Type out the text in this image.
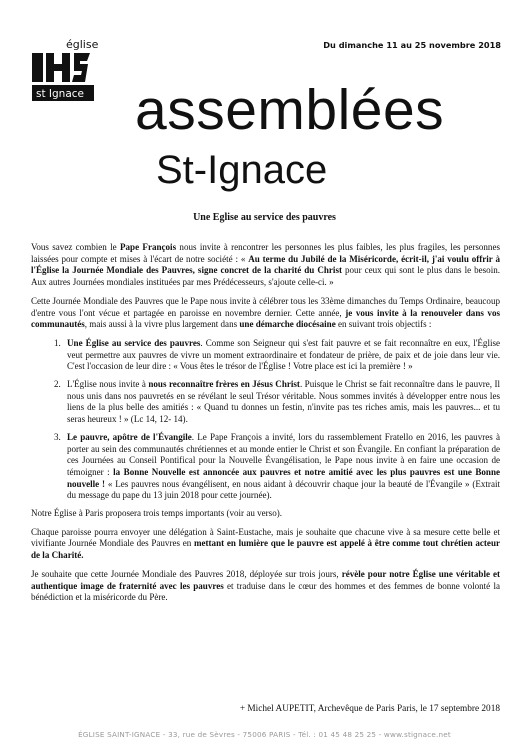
église
st Ignace
Du dimanche 11 au 25 novembre 2018
assemblées
St-Ignace
Une Eglise au service des pauvres

Vous savez combien le Pape François nous invite à rencontrer les personnes les plus faibles, les plus fragiles, les personnes laissées pour compte et mises à l'écart de notre société : « Au terme du Jubilé de la Miséricorde, écrit-il, j'ai voulu offrir à l'Église la Journée Mondiale des Pauvres, signe concret de la charité du Christ pour ceux qui sont le plus dans le besoin. Aux autres Journées mondiales instituées par mes Prédécesseurs, s'ajoute celle-ci. »

Cette Journée Mondiale des Pauvres que le Pape nous invite à célébrer tous les 33ème dimanches du Temps Ordinaire, beaucoup d'entre vous l'ont vécue et partagée en paroisse en novembre dernier. Cette année, je vous invite à la renouveler dans vos communautés, mais aussi à la vivre plus largement dans une démarche diocésaine en suivant trois objectifs :

1. Une Église au service des pauvres. Comme son Seigneur qui s'est fait pauvre et se fait reconnaître en eux, l'Église veut permettre aux pauvres de vivre un moment extraordinaire et fondateur de prière, de paix et de joie dans leur vie. C'est l'occasion de leur dire : « Vous êtes le trésor de l'Église ! Votre place est ici la première ! »
2. L'Église nous invite à nous reconnaître frères en Jésus Christ. Puisque le Christ se fait reconnaître dans le pauvre, Il nous unis dans nos pauvretés en se révélant le seul Trésor véritable. Nous sommes invités à développer entre nous les liens de la plus belle des amitiés : « Quand tu donnes un festin, n'invite pas tes riches amis, mais les pauvres... et tu seras heureux ! » (Lc 14, 12- 14).
3. Le pauvre, apôtre de l'Évangile. Le Pape François a invité, lors du rassemblement Fratello en 2016, les pauvres à porter au sein des communautés chrétiennes et au monde entier le Christ et son Évangile. En confiant la préparation de ces Journées au Conseil Pontifical pour la Nouvelle Évangélisation, le Pape nous invite à en faire une occasion de témoigner : la Bonne Nouvelle est annoncée aux pauvres et notre amitié avec les plus pauvres est une Bonne nouvelle ! « Les pauvres nous évangélisent, en nous aidant à découvrir chaque jour la beauté de l'Évangile » (Extrait du message du pape du 13 juin 2018 pour cette journée).

Notre Église à Paris proposera trois temps importants (voir au verso).

Chaque paroisse pourra envoyer une délégation à Saint-Eustache, mais je souhaite que chacune vive à sa mesure cette belle et vivifiante Journée Mondiale des Pauvres en mettant en lumière que le pauvre est appelé à être comme tout chrétien acteur de la Charité.

Je souhaite que cette Journée Mondiale des Pauvres 2018, déployée sur trois jours, révèle pour notre Église une véritable et authentique image de fraternité avec les pauvres et traduise dans le cœur des hommes et des femmes de bonne volonté la bénédiction et la miséricorde du Père.

+ Michel AUPETIT, Archevêque de Paris Paris, le 17 septembre 2018
ÉGLISE SAINT-IGNACE - 33, rue de Sèvres - 75006 PARIS - Tél. : 01 45 48 25 25 - www.stignace.net
